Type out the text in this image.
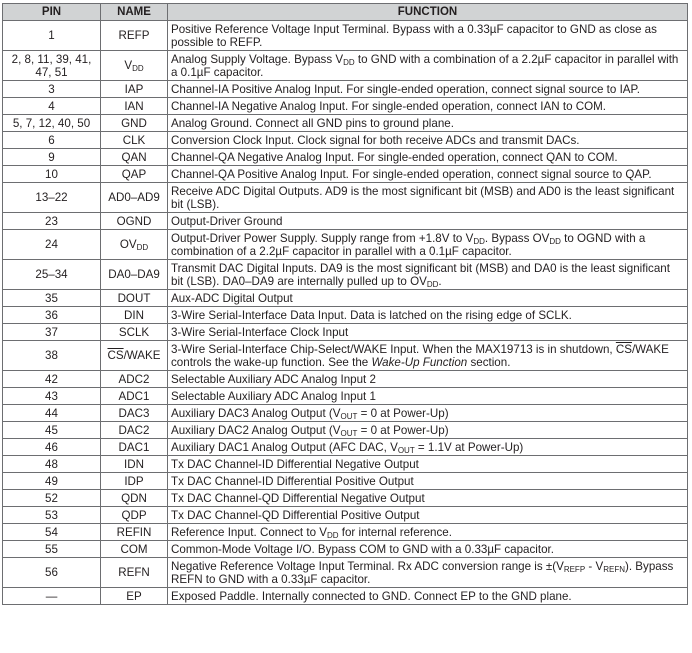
PIN	NAME	FUNCTION
1	REFP	Positive Reference Voltage Input Terminal. Bypass with a 0.33µF capacitor to GND as close as possible to REFP.
2, 8, 11, 39, 41, 47, 51	$V_{DD}$	Analog Supply Voltage. Bypass $V_{DD}$ to GND with a combination of a 2.2µF capacitor in parallel with a 0.1µF capacitor.
3	IAP	Channel-IA Positive Analog Input. For single-ended operation, connect signal source to IAP.
4	IAN	Channel-IA Negative Analog Input. For single-ended operation, connect IAN to COM.
5, 7, 12, 40, 50	GND	Analog Ground. Connect all GND pins to ground plane.
6	CLK	Conversion Clock Input. Clock signal for both receive ADCs and transmit DACs.
9	QAN	Channel-QA Negative Analog Input. For single-ended operation, connect QAN to COM.
10	QAP	Channel-QA Positive Analog Input. For single-ended operation, connect signal source to QAP.
13–22	AD0–AD9	Receive ADC Digital Outputs. AD9 is the most significant bit (MSB) and AD0 is the least significant bit (LSB).
23	OGND	Output-Driver Ground
24	$OV_{DD}$	Output-Driver Power Supply. Supply range from +1.8V to $V_{DD}$. Bypass $OV_{DD}$ to OGND with a combination of a 2.2µF capacitor in parallel with a 0.1µF capacitor.
25–34	DA0–DA9	Transmit DAC Digital Inputs. DA9 is the most significant bit (MSB) and DA0 is the least significant bit (LSB). DA0–DA9 are internally pulled up to $OV_{DD}$.
35	DOUT	Aux-ADC Digital Output
36	DIN	3-Wire Serial-Interface Data Input. Data is latched on the rising edge of SCLK.
37	SCLK	3-Wire Serial-Interface Clock Input
38	$\overline{CS}$/WAKE	3-Wire Serial-Interface Chip-Select/WAKE Input. When the MAX19713 is in shutdown, $\overline{CS}$/WAKE controls the wake-up function. See the Wake-Up Function section.
42	ADC2	Selectable Auxiliary ADC Analog Input 2
43	ADC1	Selectable Auxiliary ADC Analog Input 1
44	DAC3	Auxiliary DAC3 Analog Output ($V_{OUT} = 0$ at Power-Up)
45	DAC2	Auxiliary DAC2 Analog Output ($V_{OUT} = 0$ at Power-Up)
46	DAC1	Auxiliary DAC1 Analog Output (AFC DAC, $V_{OUT} = 1.1V$ at Power-Up)
48	IDN	Tx DAC Channel-ID Differential Negative Output
49	IDP	Tx DAC Channel-ID Differential Positive Output
52	QDN	Tx DAC Channel-QD Differential Negative Output
53	QDP	Tx DAC Channel-QD Differential Positive Output
54	REFIN	Reference Input. Connect to $V_{DD}$ for internal reference.
55	COM	Common-Mode Voltage I/O. Bypass COM to GND with a 0.33µF capacitor.
56	REFN	Negative Reference Voltage Input Terminal. Rx ADC conversion range is $\pm(V_{REFP} - V_{REFN})$. Bypass REFN to GND with a 0.33µF capacitor.
—	EP	Exposed Paddle. Internally connected to GND. Connect EP to the GND plane.
